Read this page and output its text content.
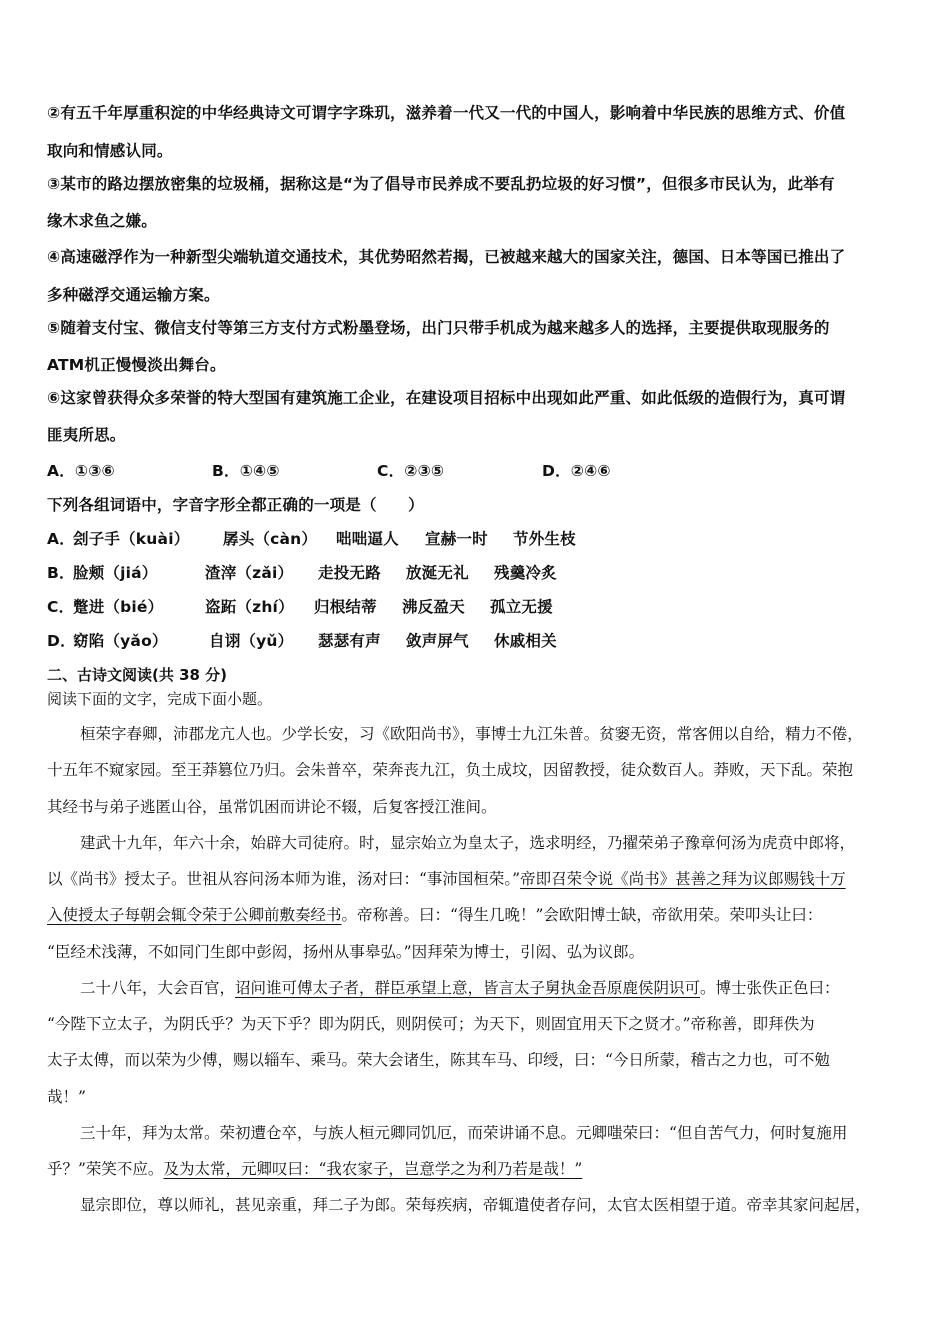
②有五千年厚重积淀的中华经典诗文可谓字字珠玑，滋养着一代又一代的中国人，影响着中华民族的思维方式、价值
取向和情感认同。
③某市的路边摆放密集的垃圾桶，据称这是“为了倡导市民养成不要乱扔垃圾的好习惯”，但很多市民认为，此举有
缘木求鱼之嫌。
④高速磁浮作为一种新型尖端轨道交通技术，其优势昭然若揭，已被越来越大的国家关注，德国、日本等国已推出了
多种磁浮交通运输方案。
⑤随着支付宝、微信支付等第三方支付方式粉墨登场，出门只带手机成为越来越多人的选择，主要提供取现服务的
ATM机正慢慢淡出舞台。
⑥这家曾获得众多荣誉的特大型国有建筑施工企业，在建设项目招标中出现如此严重、如此低级的造假行为，真可谓
匪夷所思。
A．①③⑥	B．①④⑤	C．②③⑤	D．②④⑥
下列各组词语中，字音字形全都正确的一项是（　　）
A．
刽子手（kuài） 孱头（càn） 咄咄逼人 宣赫一时 节外生枝
B．
脸颊（jiá）	渣滓（zǎi） 走投无路 放涎无礼 残羹冷炙
C．
蹩进（bié）	盗跖（zhí） 归根结蒂 沸反盈天 孤立无援
D．
窈陷（yǎo）	自诩（yǔ） 瑟瑟有声 敛声屏气 休戚相关
二、古诗文阅读(共 38 分)
阅读下面的文字，完成下面小题。
桓荣字春卿，沛郡龙亢人也。少学长安，习《欧阳尚书》，事博士九江朱普。贫窭无资，常客佣以自给，精力不倦，
十五年不窥家园。至王莽篡位乃归。会朱普卒，荣奔丧九江，负土成坟，因留教授，徒众数百人。莽败，天下乱。荣抱
其经书与弟子逃匿山谷，虽常饥困而讲论不辍，后复客授江淮间。
建武十九年，年六十余，始辟大司徒府。时，显宗始立为皇太子，选求明经，乃擢荣弟子豫章何汤为虎贲中郎将，
以《尚书》授太子。世祖从容问汤本师为谁，汤对曰：“事沛国桓荣。”帝即召荣令说《尚书》甚善之拜为议郎赐钱十万
入使授太子每朝会辄令荣于公卿前敷奏经书。帝称善。曰：“得生几晚！”会欧阳博士缺，帝欲用荣。荣叩头让曰：
“臣经术浅薄，不如同门生郎中彭闳，扬州从事皋弘。”因拜荣为博士，引闳、弘为议郎。
二十八年，大会百官，诏问谁可傅太子者，群臣承望上意，皆言太子舅执金吾原鹿侯阴识可。博士张佚正色曰：
“今陛下立太子，为阴氏乎？为天下乎？即为阴氏，则阴侯可；为天下，则固宜用天下之贤才。”帝称善，即拜佚为
太子太傅，而以荣为少傅，赐以辎车、乘马。荣大会诸生，陈其车马、印绶，曰：“今日所蒙，稽古之力也，可不勉
哉！”
三十年，拜为太常。荣初遭仓卒，与族人桓元卿同饥厄，而荣讲诵不息。元卿嗤荣曰：“但自苦气力，何时复施用
乎？”荣笑不应。及为太常，元卿叹曰：“我农家子，岂意学之为利乃若是哉！”
显宗即位，尊以师礼，甚见亲重，拜二子为郎。荣每疾病，帝辄遣使者存问，太官太医相望于道。帝幸其家问起居，
